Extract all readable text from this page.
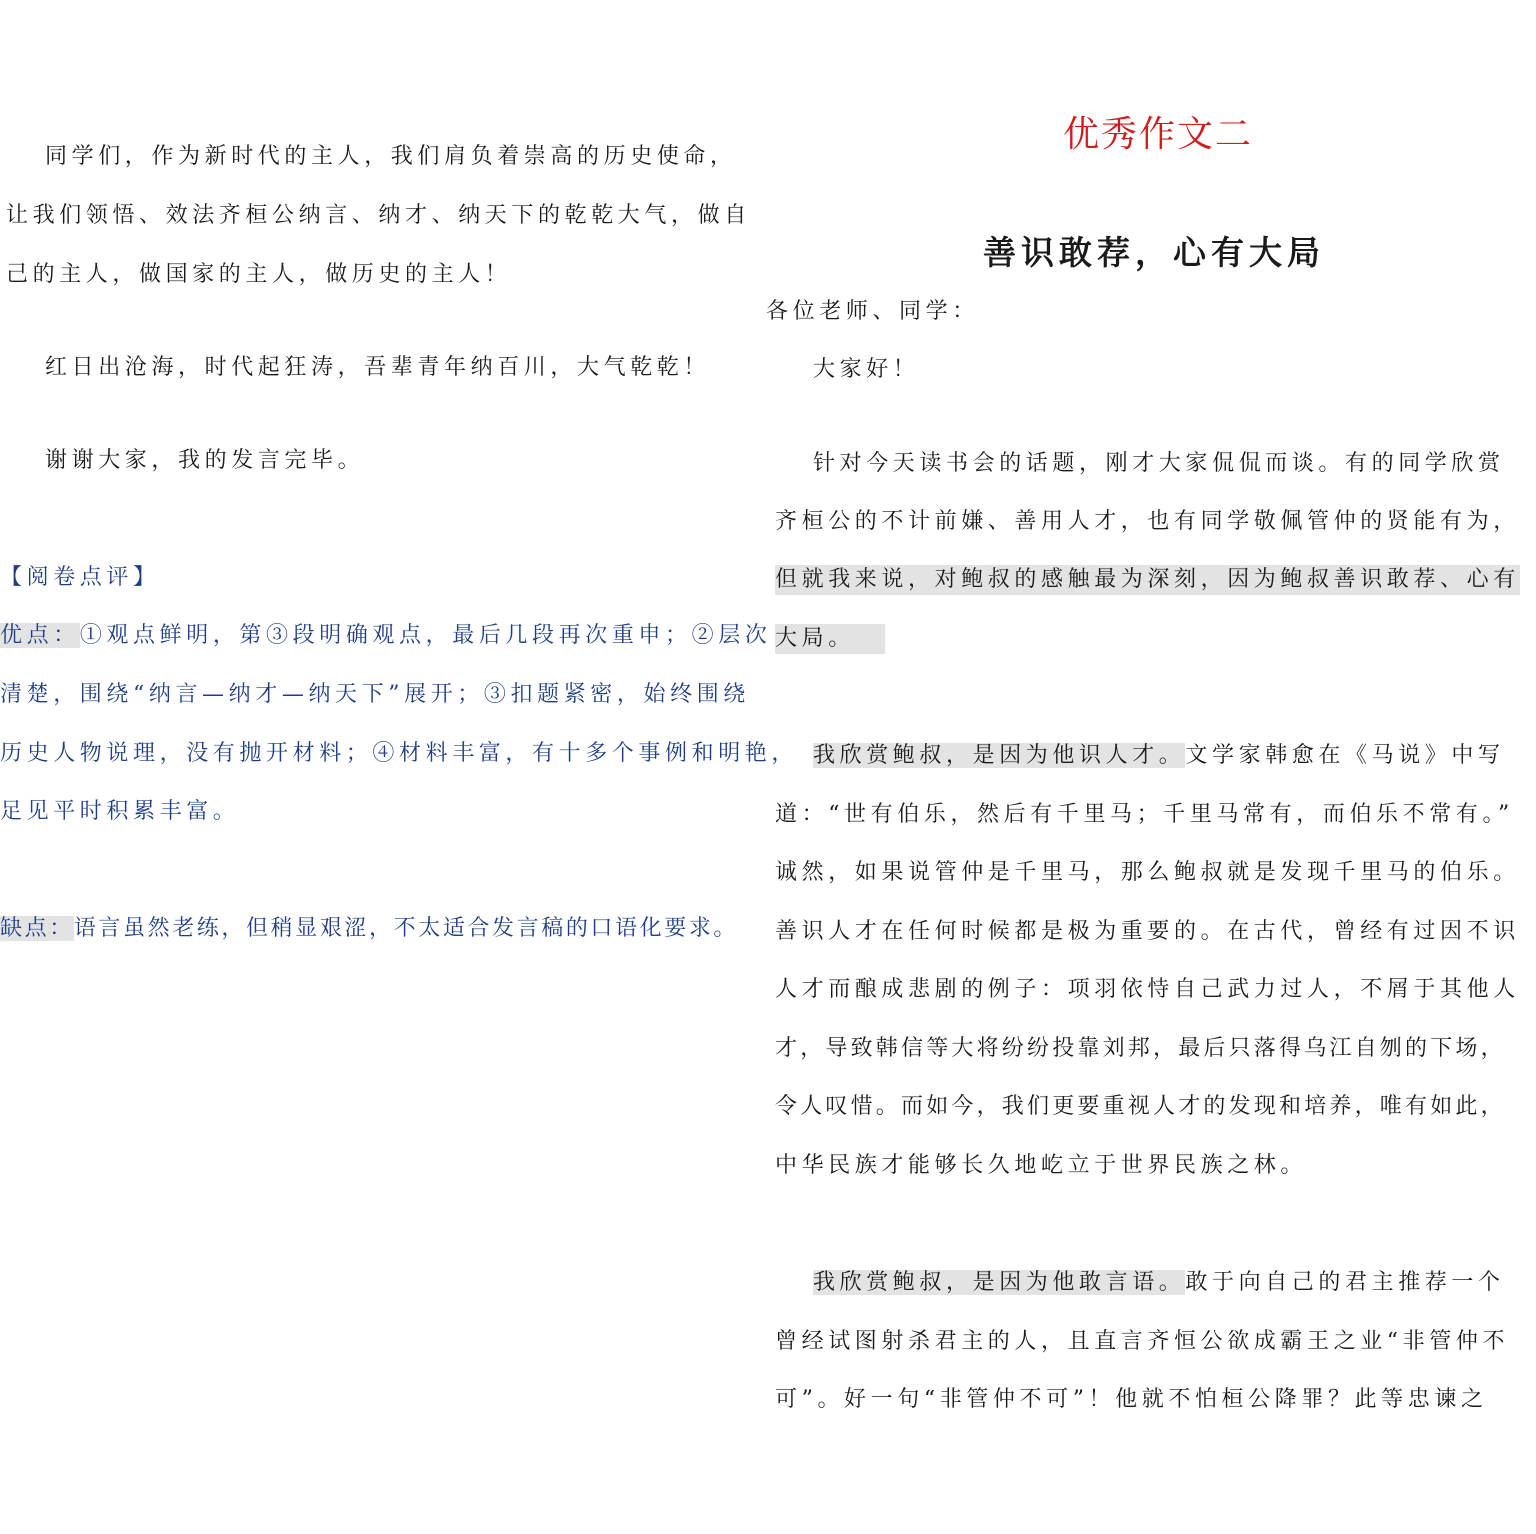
同学们，作为新时代的主人，我们肩负着崇高的历史使命，
让我们领悟、效法齐桓公纳言、纳才、纳天下的乾乾大气，做自
己的主人，做国家的主人，做历史的主人！
红日出沧海，时代起狂涛，吾辈青年纳百川，大气乾乾！
谢谢大家，我的发言完毕。
【阅卷点评】
优点：①观点鲜明，第③段明确观点，最后几段再次重申；②层次
清楚，围绕“纳言—纳才—纳天下”展开；③扣题紧密，始终围绕
历史人物说理，没有抛开材料；④材料丰富，有十多个事例和明艳，
足见平时积累丰富。
缺点：语言虽然老练，但稍显艰涩，不太适合发言稿的口语化要求。
优秀作文二
善识敢荐，心有大局
各位老师、同学：
大家好！
针对今天读书会的话题，刚才大家侃侃而谈。有的同学欣赏
齐桓公的不计前嫌、善用人才，也有同学敬佩管仲的贤能有为，
但就我来说，对鲍叔的感触最为深刻，因为鲍叔善识敢荐、心有
大局。
我欣赏鲍叔，是因为他识人才。文学家韩愈在《马说》中写
道：“世有伯乐，然后有千里马；千里马常有，而伯乐不常有。”
诚然，如果说管仲是千里马，那么鲍叔就是发现千里马的伯乐。
善识人才在任何时候都是极为重要的。在古代，曾经有过因不识
人才而酿成悲剧的例子：项羽依恃自己武力过人，不屑于其他人
才，导致韩信等大将纷纷投靠刘邦，最后只落得乌江自刎的下场，
令人叹惜。而如今，我们更要重视人才的发现和培养，唯有如此，
中华民族才能够长久地屹立于世界民族之林。
我欣赏鲍叔，是因为他敢言语。敢于向自己的君主推荐一个
曾经试图射杀君主的人，且直言齐恒公欲成霸王之业“非管仲不
可”。好一句“非管仲不可”！他就不怕桓公降罪？此等忠谏之
